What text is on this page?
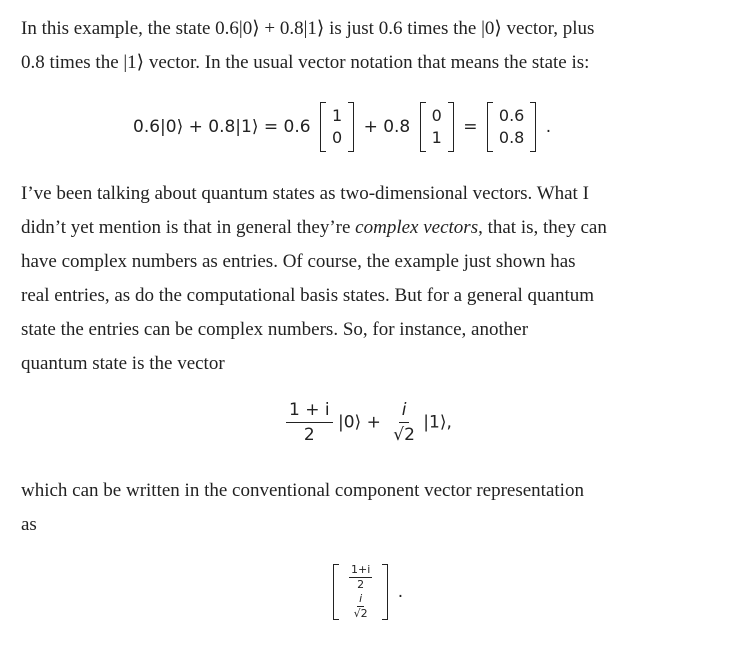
In this example, the state 0.6|0⟩ + 0.8|1⟩ is just 0.6 times the |0⟩ vector, plus
0.8 times the |1⟩ vector. In the usual vector notation that means the state is:
0.6|0⟩ + 0.8|1⟩ = 0.6
1
0
+ 0.8
0
1
=
0.6
0.8
.
I’ve been talking about quantum states as two-dimensional vectors. What I
didn’t yet mention is that in general they’re complex vectors, that is, they can
have complex numbers as entries. Of course, the example just shown has
real entries, as do the computational basis states. But for a general quantum
state the entries can be complex numbers. So, for instance, another
quantum state is the vector
$\frac{1 + i}{2}$ |0⟩ + $\frac{i}{√2}$ |1⟩,
which can be written in the conventional component vector representation
as
$\frac{1+i}{2}$
$\frac{i}{√2}$
.
